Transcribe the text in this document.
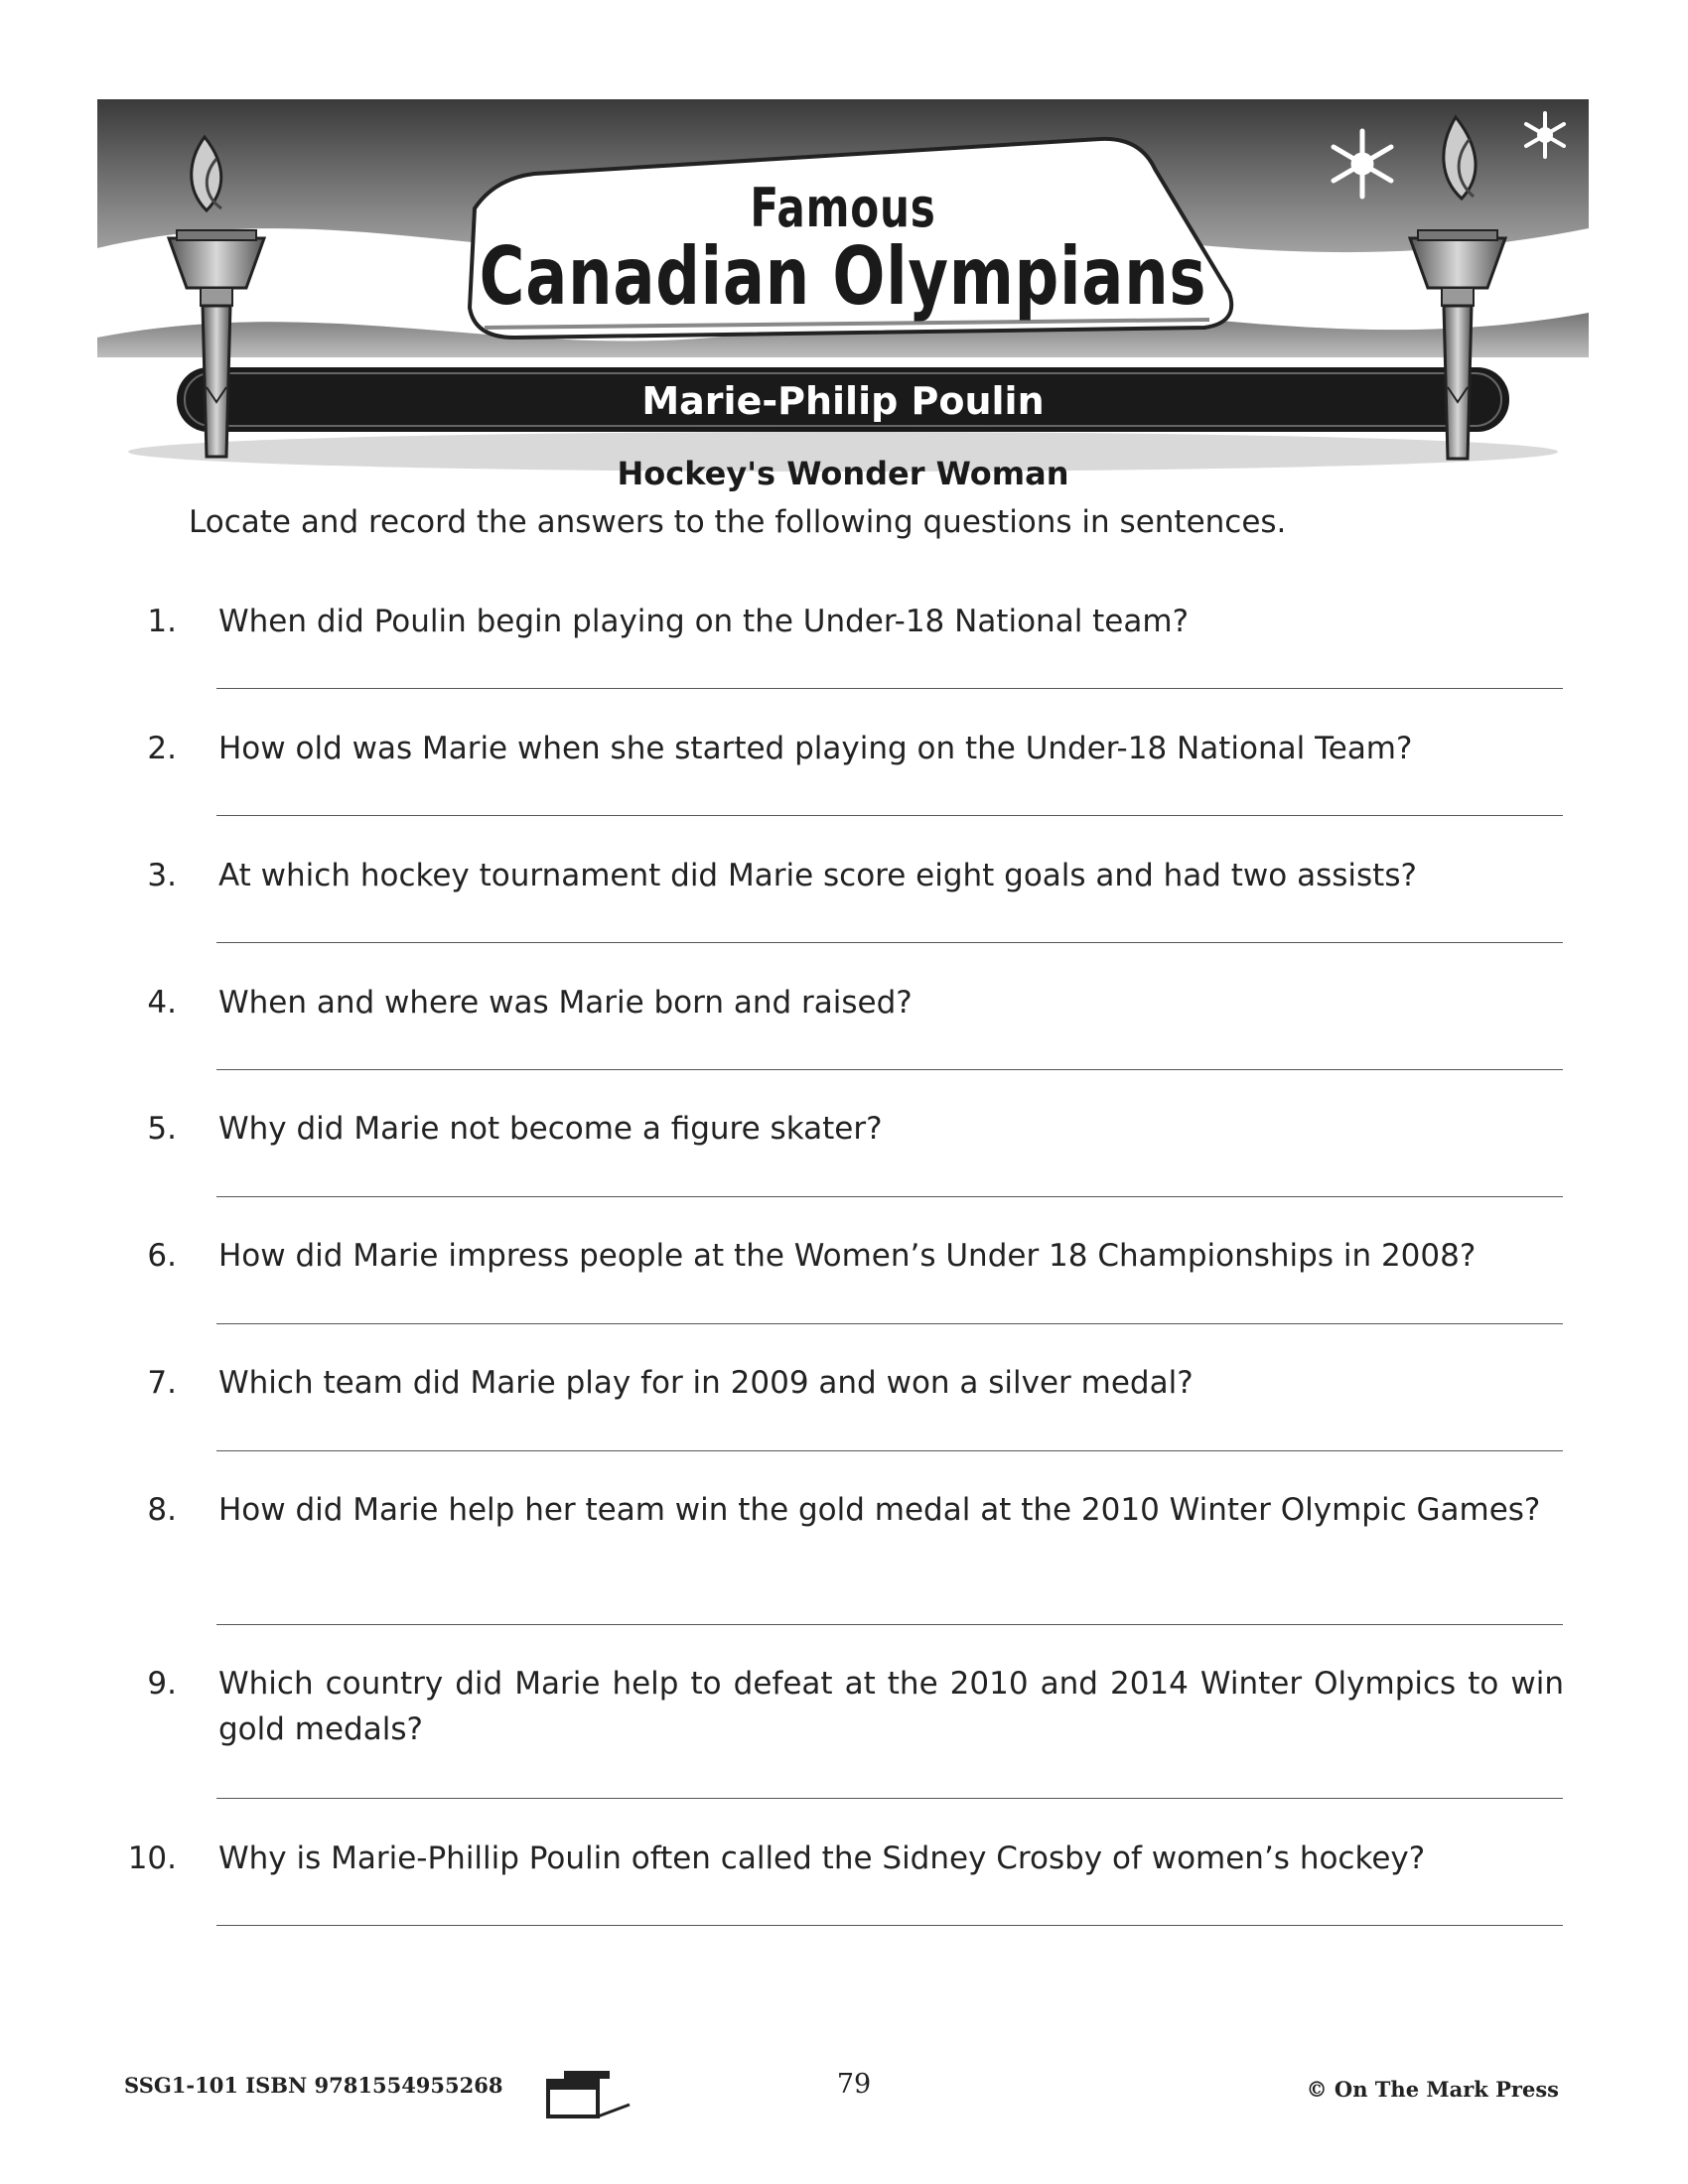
Famous
Canadian Olympians
Marie-Philip Poulin
Hockey's Wonder Woman
Locate and record the answers to the following questions in sentences.
1. When did Poulin begin playing on the Under-18 National team?
2. How old was Marie when she started playing on the Under-18 National Team?
3. At which hockey tournament did Marie score eight goals and had two assists?
4. When and where was Marie born and raised?
5. Why did Marie not become a figure skater?
6. How did Marie impress people at the Women’s Under 18 Championships in 2008?
7. Which team did Marie play for in 2009 and won a silver medal?
8. How did Marie help her team win the gold medal at the 2010 Winter Olympic Games?
9. Which country did Marie help to defeat at the 2010 and 2014 Winter Olympics to win gold medals?
10. Why is Marie-Phillip Poulin often called the Sidney Crosby of women’s hockey?
SSG1-101 ISBN 9781554955268	79	© On The Mark Press
